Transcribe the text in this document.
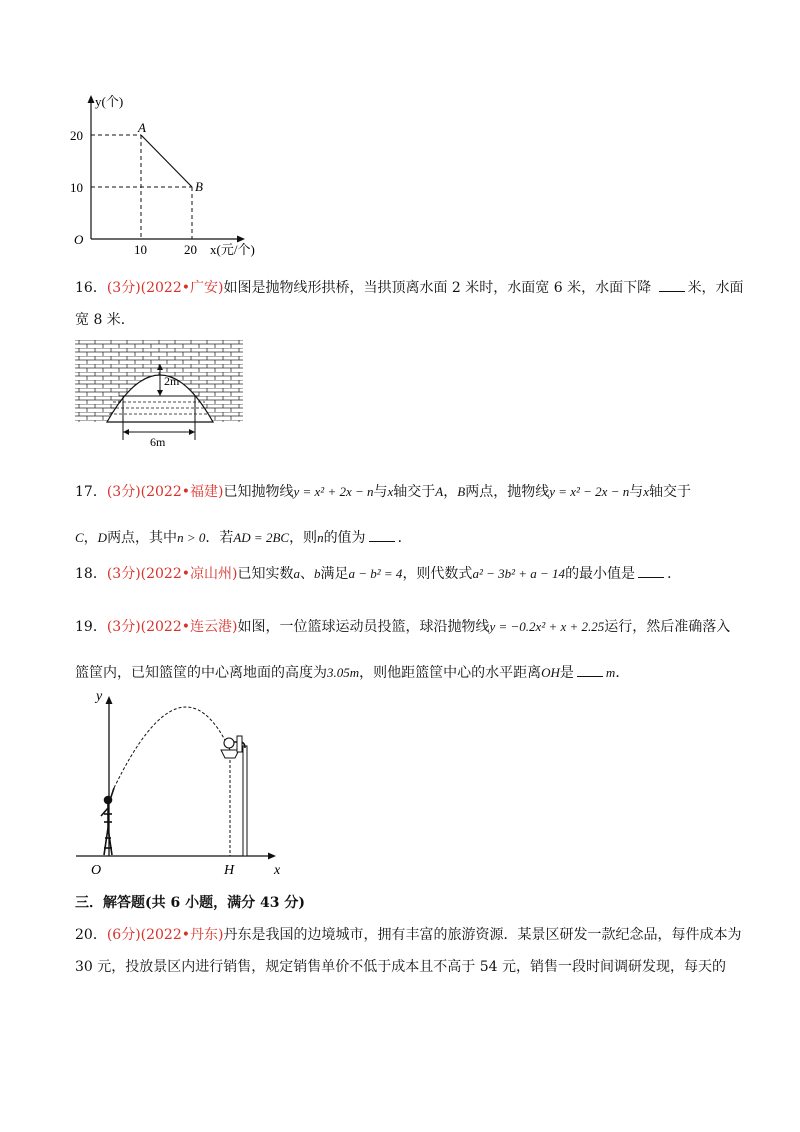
y(个)
20
10
O
10	20 x(元/个)
A
B
16．(3分)(2022•广安)如图是抛物线形拱桥，当拱顶离水面 2 米时，水面宽 6 米，水面下降	米，水面
宽 8 米．
2m
6m
17．(3分)(2022•福建)已知抛物线y = x² + 2x − n与x轴交于A，B两点，抛物线y = x² − 2x − n与x轴交于
C，D两点，其中n > 0．若AD = 2BC，则n的值为 ．
18．(3分)(2022•凉山州)已知实数a、b满足a − b² = 4，则代数式a² − 3b² + a − 14的最小值是 ．
19．(3分)(2022•连云港)如图，一位篮球运动员投篮，球沿抛物线y = −0.2x² + x + 2.25运行，然后准确落入
篮筐内，已知篮筐的中心离地面的高度为3.05m，则他距篮筐中心的水平距离OH是 m．
y
O	H	x
三．解答题(共 6 小题，满分 43 分)
20．(6分)(2022•丹东)丹东是我国的边境城市，拥有丰富的旅游资源．某景区研发一款纪念品，每件成本为
30 元，投放景区内进行销售，规定销售单价不低于成本且不高于 54 元，销售一段时间调研发现，每天的
